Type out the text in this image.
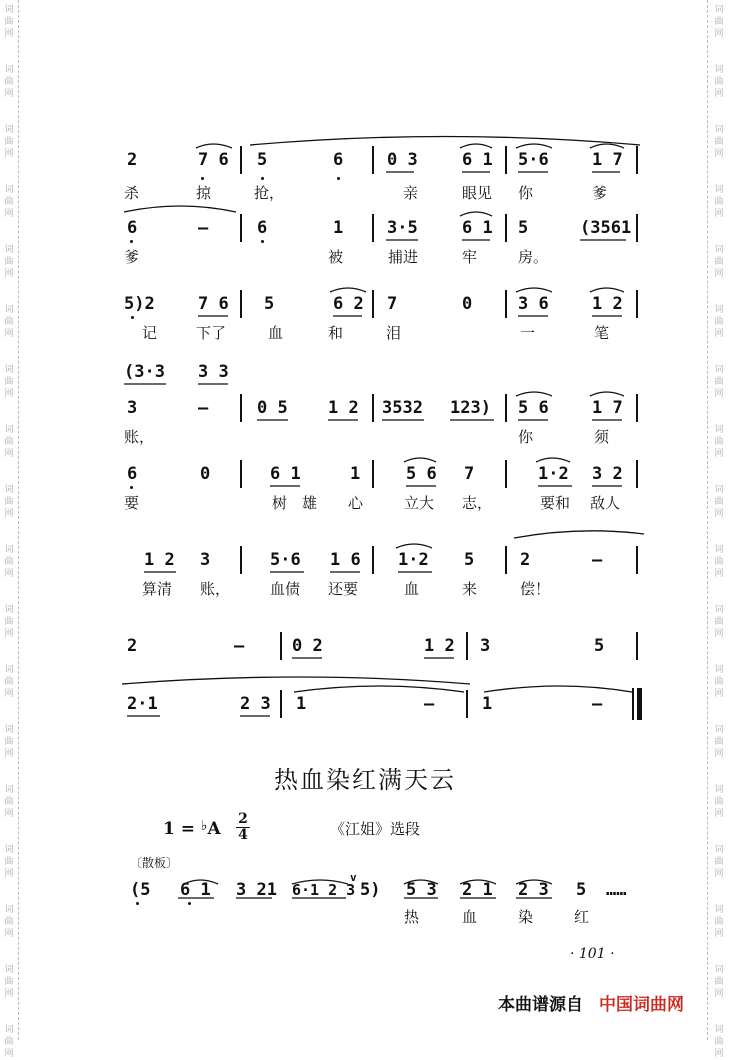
词
曲
网
词
曲
网
词
曲
网
词
曲
网
词
曲
网
词
曲
网
词
曲
网
词
曲
网
词
曲
网
词
曲
网
词
曲
网
词
曲
网
词
曲
网
词
曲
网
词
曲
网
词
曲
网
词
曲
网
词
曲
网
词
曲
网
词
曲
网
词
曲
网
词
曲
网
词
曲
网
词
曲
网
词
曲
网
词
曲
网
词
曲
网
词
曲
网
词
曲
网
词
曲
网
词
曲
网
词
曲
网
词
曲
网
词
曲
网
词
曲
网
词
曲
网
2	7 6 5	6	0 3	6 1 5·6	1 7
杀	掠	抢，	亲	眼见 你	爹
6	—	6	1	3·5	6 1 5	(3561
爹	被	捕进	牢	房。
5)2	7 6 5	6 2 7	0	3 6	1 2
记	下了	血	和	泪	一	笔
(3·3 3 3
3	—	0 5 1 2 3532 123) 5 6	1 7
账，	你	须
6	0	6 1	1	5 6 7	1·2 3 2
要	树 雄 心	立大 志，	要和 敌人
1 2 3	5·6 1 6 1·2 5	2	—
算清 账，	血债 还要	血	来	偿！
2	—	0 2	1 2 3	5
2·1	2 3 1	—	1	—
热血染红满天云
1 = ♭A 2
4	《江姐》选段
〔散板〕
(5 6 1 3 21 6·1 2 3
v
5) 5 3 2 1 2 3 5 ……
热	血	染	红
· 101 ·
本曲谱源自 中国词曲网
